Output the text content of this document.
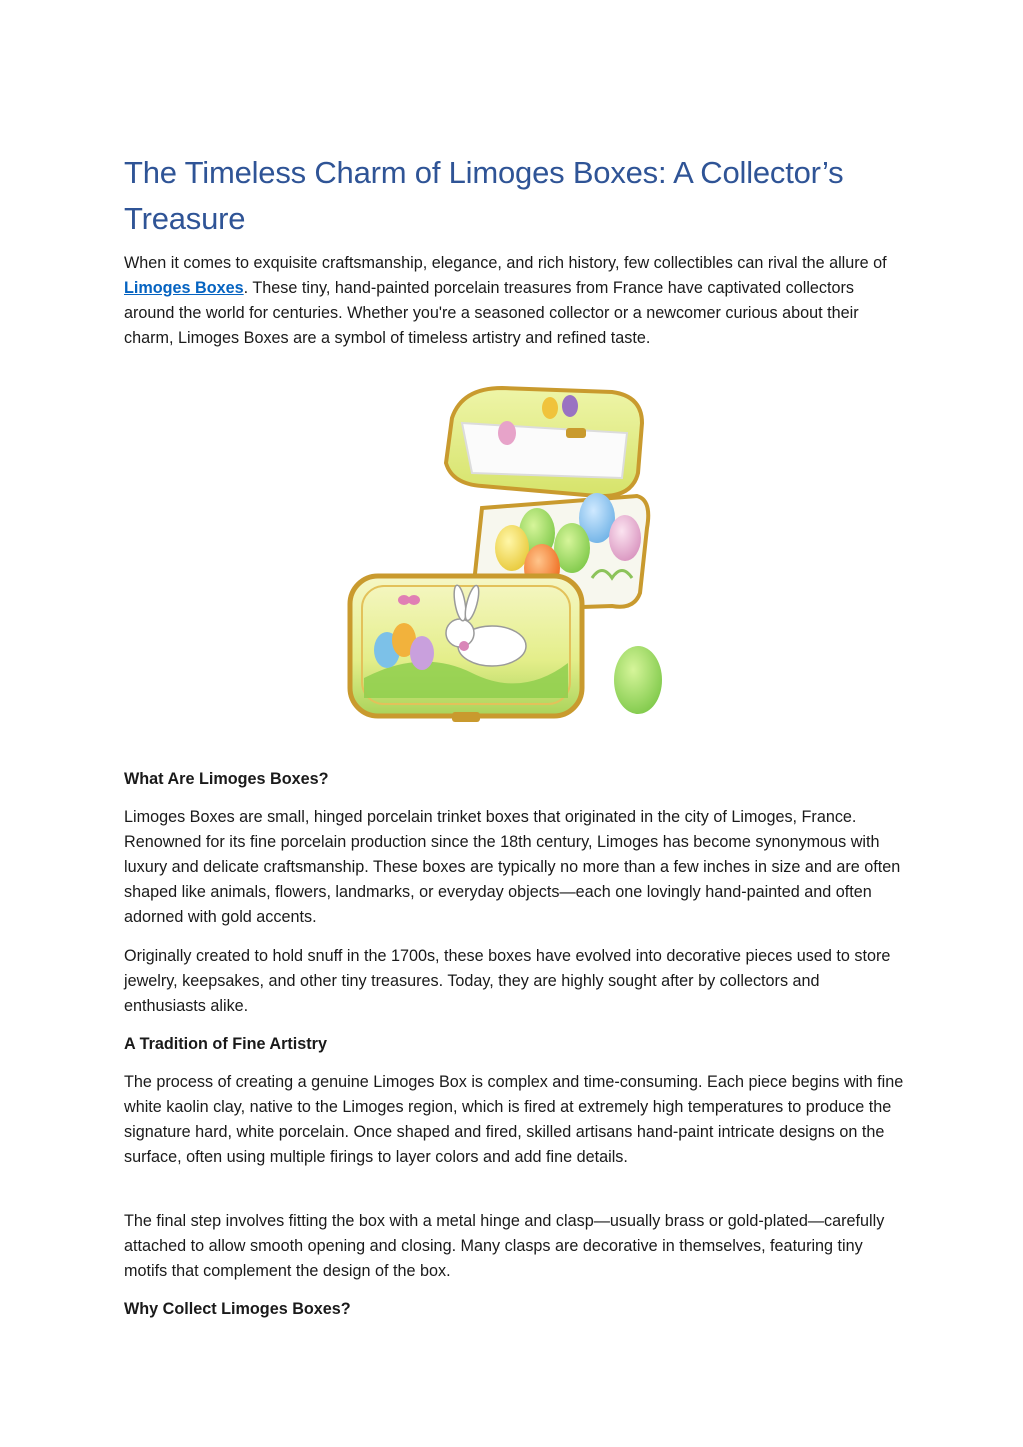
The Timeless Charm of Limoges Boxes: A Collector’s Treasure

When it comes to exquisite craftsmanship, elegance, and rich history, few collectibles can rival the allure of Limoges Boxes. These tiny, hand-painted porcelain treasures from France have captivated collectors around the world for centuries. Whether you're a seasoned collector or a newcomer curious about their charm, Limoges Boxes are a symbol of timeless artistry and refined taste.

What Are Limoges Boxes?

Limoges Boxes are small, hinged porcelain trinket boxes that originated in the city of Limoges, France. Renowned for its fine porcelain production since the 18th century, Limoges has become synonymous with luxury and delicate craftsmanship. These boxes are typically no more than a few inches in size and are often shaped like animals, flowers, landmarks, or everyday objects—each one lovingly hand-painted and often adorned with gold accents.

Originally created to hold snuff in the 1700s, these boxes have evolved into decorative pieces used to store jewelry, keepsakes, and other tiny treasures. Today, they are highly sought after by collectors and enthusiasts alike.

A Tradition of Fine Artistry

The process of creating a genuine Limoges Box is complex and time-consuming. Each piece begins with fine white kaolin clay, native to the Limoges region, which is fired at extremely high temperatures to produce the signature hard, white porcelain. Once shaped and fired, skilled artisans hand-paint intricate designs on the surface, often using multiple firings to layer colors and add fine details.

The final step involves fitting the box with a metal hinge and clasp—usually brass or gold-plated—carefully attached to allow smooth opening and closing. Many clasps are decorative in themselves, featuring tiny motifs that complement the design of the box.

Why Collect Limoges Boxes?
